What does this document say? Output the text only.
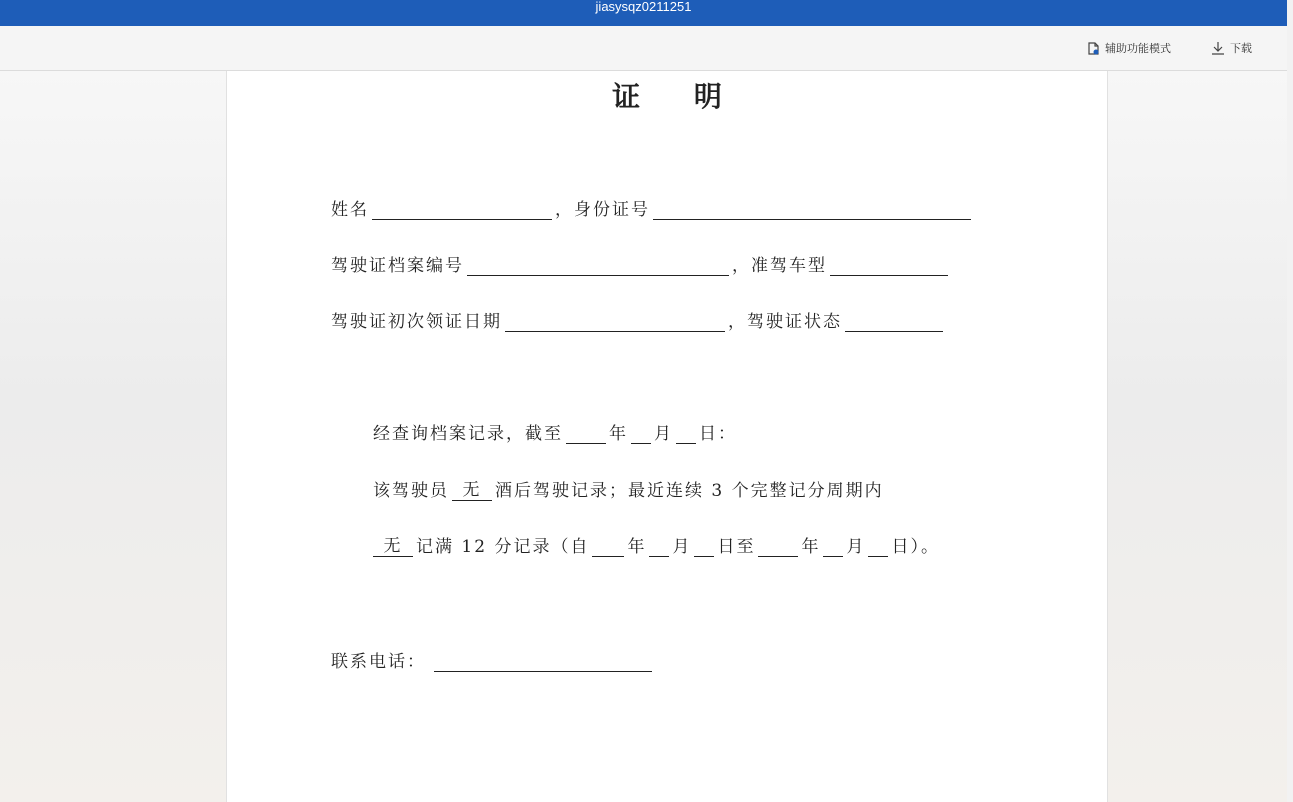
jiasysqz0211251
辅助功能模式	下载
证 明
姓名	，身份证号
驾驶证档案编号	，准驾车型
驾驶证初次领证日期	，驾驶证状态
经查询档案记录，截至	年 月 日：
该驾驶员 无 酒后驾驶记录；最近连续 3 个完整记分周期内
无 记满 12 分记录（自 年 月 日至	年 月 日）。
联系电话：
